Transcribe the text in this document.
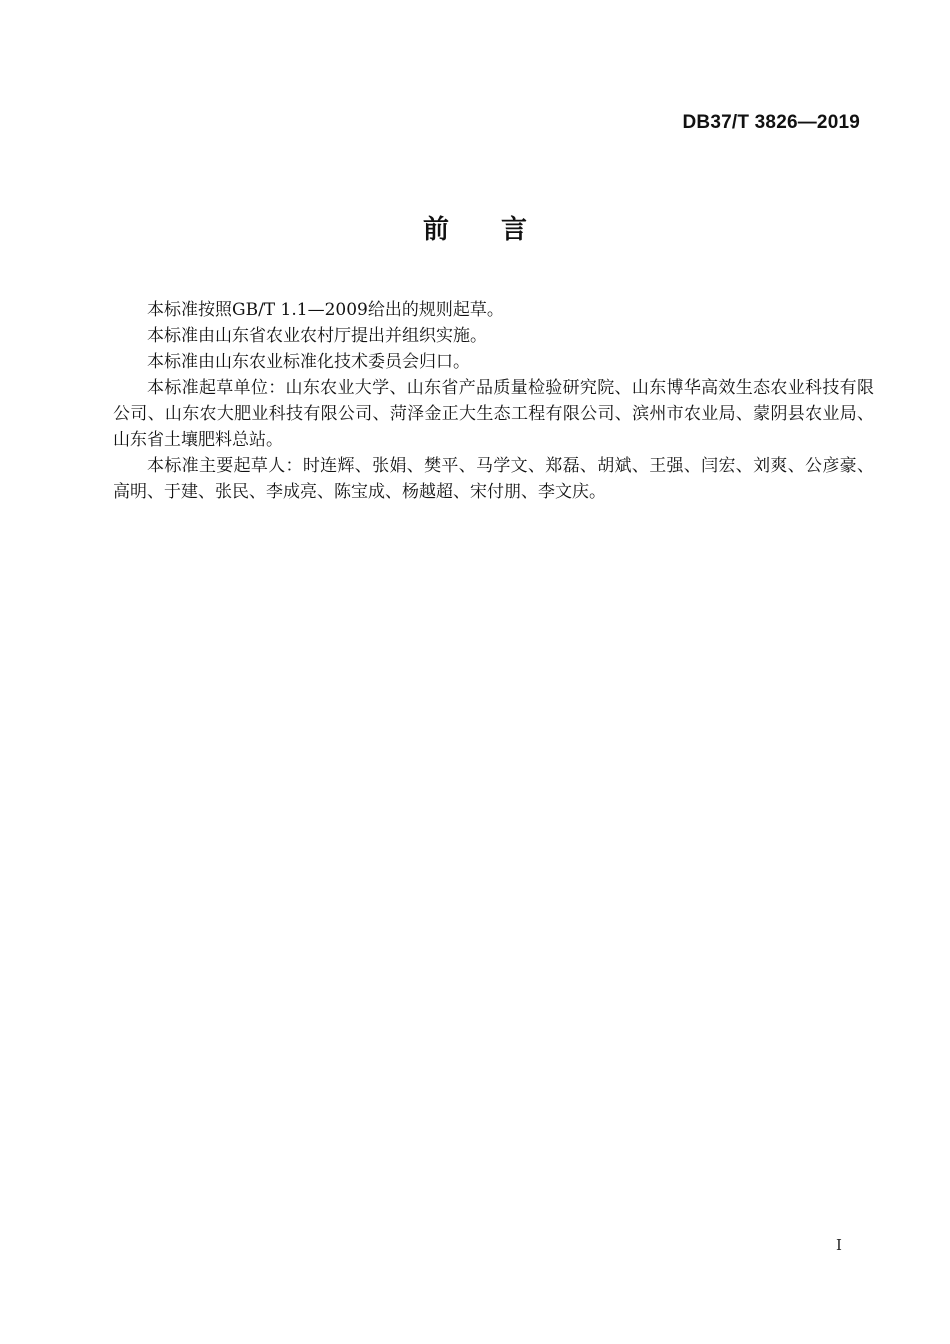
DB37/T 3826—2019
前　　言

本标准按照GB/T 1.1—2009给出的规则起草。

本标准由山东省农业农村厅提出并组织实施。

本标准由山东农业标准化技术委员会归口。

本标准起草单位：山东农业大学、山东省产品质量检验研究院、山东博华高效生态农业科技有限公司、山东农大肥业科技有限公司、菏泽金正大生态工程有限公司、滨州市农业局、蒙阴县农业局、山东省土壤肥料总站。

本标准主要起草人：时连辉、张娟、樊平、马学文、郑磊、胡斌、王强、闫宏、刘爽、公彦豪、高明、于建、张民、李成亮、陈宝成、杨越超、宋付朋、李文庆。

I
